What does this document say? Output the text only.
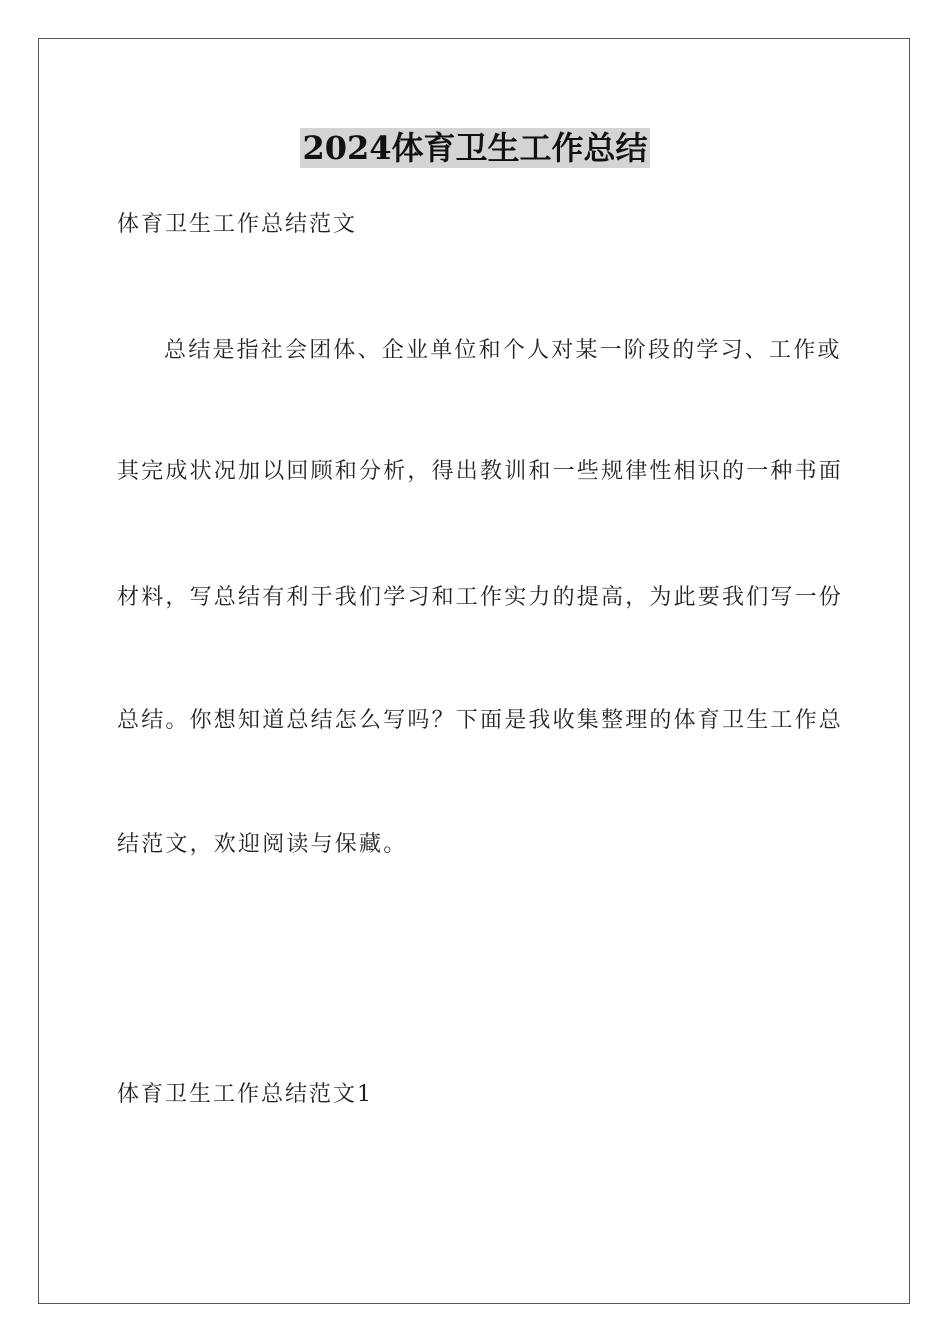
2024体育卫生工作总结
体育卫生工作总结范文
总结是指社会团体、企业单位和个人对某一阶段的学习、工作或
其完成状况加以回顾和分析，得出教训和一些规律性相识的一种书面
材料，写总结有利于我们学习和工作实力的提高，为此要我们写一份
总结。你想知道总结怎么写吗？下面是我收集整理的体育卫生工作总
结范文，欢迎阅读与保藏。
体育卫生工作总结范文1
